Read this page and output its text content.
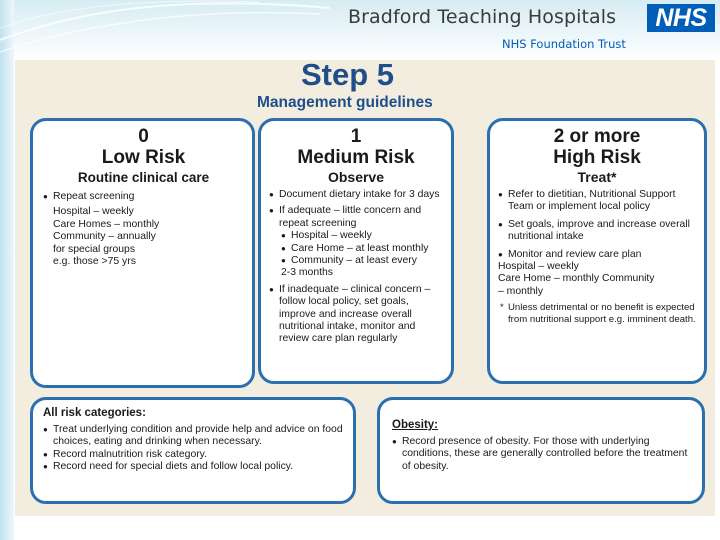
Bradford Teaching Hospitals	NHS
NHS Foundation Trust
Step 5
Management guidelines
0
Low Risk
Routine clinical care
● Repeat screening
Hospital – weekly
Care Homes – monthly
Community – annually
for special groups
e.g. those >75 yrs
1
Medium Risk
Observe
● Document dietary intake for 3 days
● If adequate – little concern and repeat screening
● Hospital – weekly
● Care Home – at least monthly
● Community – at least every
2-3 months
● If inadequate – clinical concern – follow local policy, set goals, improve and increase overall nutritional intake, monitor and review care plan regularly
2 or more
High Risk
Treat*
● Refer to dietitian, Nutritional Support Team or implement local policy
● Set goals, improve and increase overall nutritional intake
● Monitor and review care plan
Hospital – weekly
Care Home – monthly Community
– monthly
* Unless detrimental or no benefit is expected from nutritional support e.g. imminent death.
All risk categories:
● Treat underlying condition and provide help and advice on food choices, eating and drinking when necessary.
● Record malnutrition risk category.
● Record need for special diets and follow local policy.
Obesity:
● Record presence of obesity. For those with underlying conditions, these are generally controlled before the treatment of obesity.
